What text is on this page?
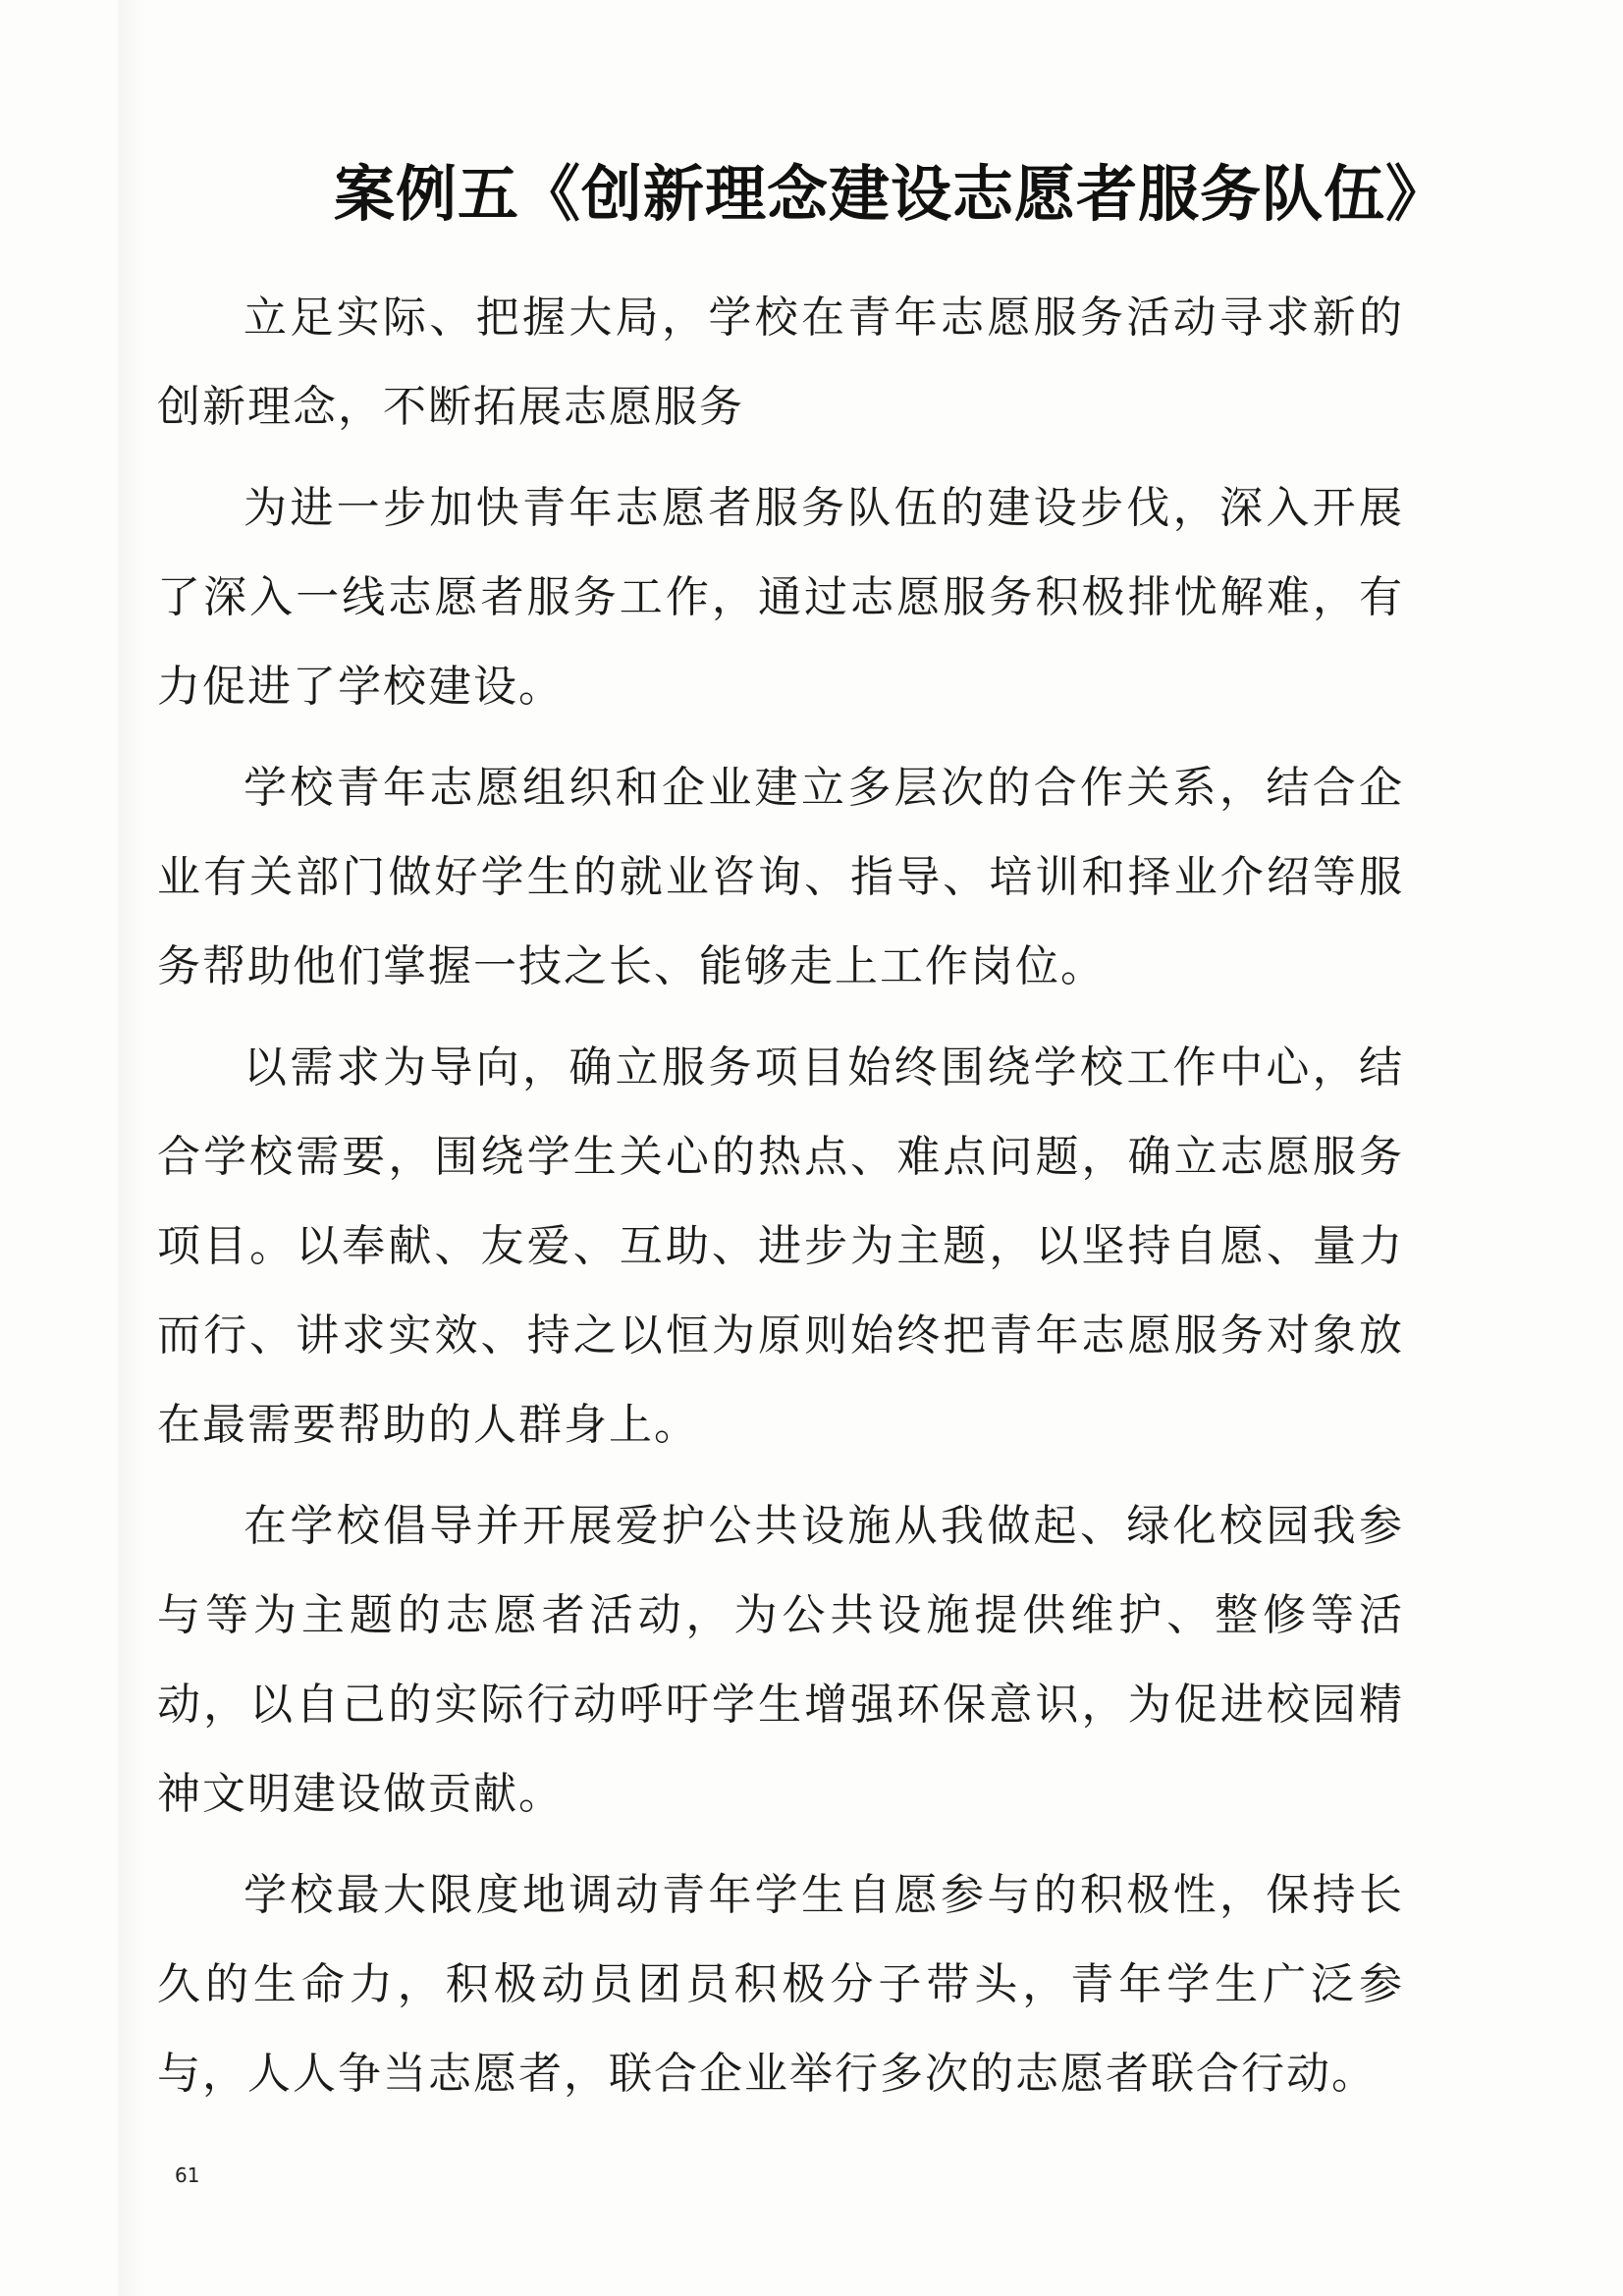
案例五《创新理念建设志愿者服务队伍》

立足实际、把握大局，学校在青年志愿服务活动寻求新的创新理念，不断拓展志愿服务

为进一步加快青年志愿者服务队伍的建设步伐，深入开展了深入一线志愿者服务工作，通过志愿服务积极排忧解难，有力促进了学校建设。

学校青年志愿组织和企业建立多层次的合作关系，结合企业有关部门做好学生的就业咨询、指导、培训和择业介绍等服务帮助他们掌握一技之长、能够走上工作岗位。

以需求为导向，确立服务项目始终围绕学校工作中心，结合学校需要，围绕学生关心的热点、难点问题，确立志愿服务项目。以奉献、友爱、互助、进步为主题，以坚持自愿、量力而行、讲求实效、持之以恒为原则始终把青年志愿服务对象放在最需要帮助的人群身上。

在学校倡导并开展爱护公共设施从我做起、绿化校园我参与等为主题的志愿者活动，为公共设施提供维护、整修等活动，以自己的实际行动呼吁学生增强环保意识，为促进校园精神文明建设做贡献。

学校最大限度地调动青年学生自愿参与的积极性，保持长久的生命力，积极动员团员积极分子带头，青年学生广泛参与，人人争当志愿者，联合企业举行多次的志愿者联合行动。

61
